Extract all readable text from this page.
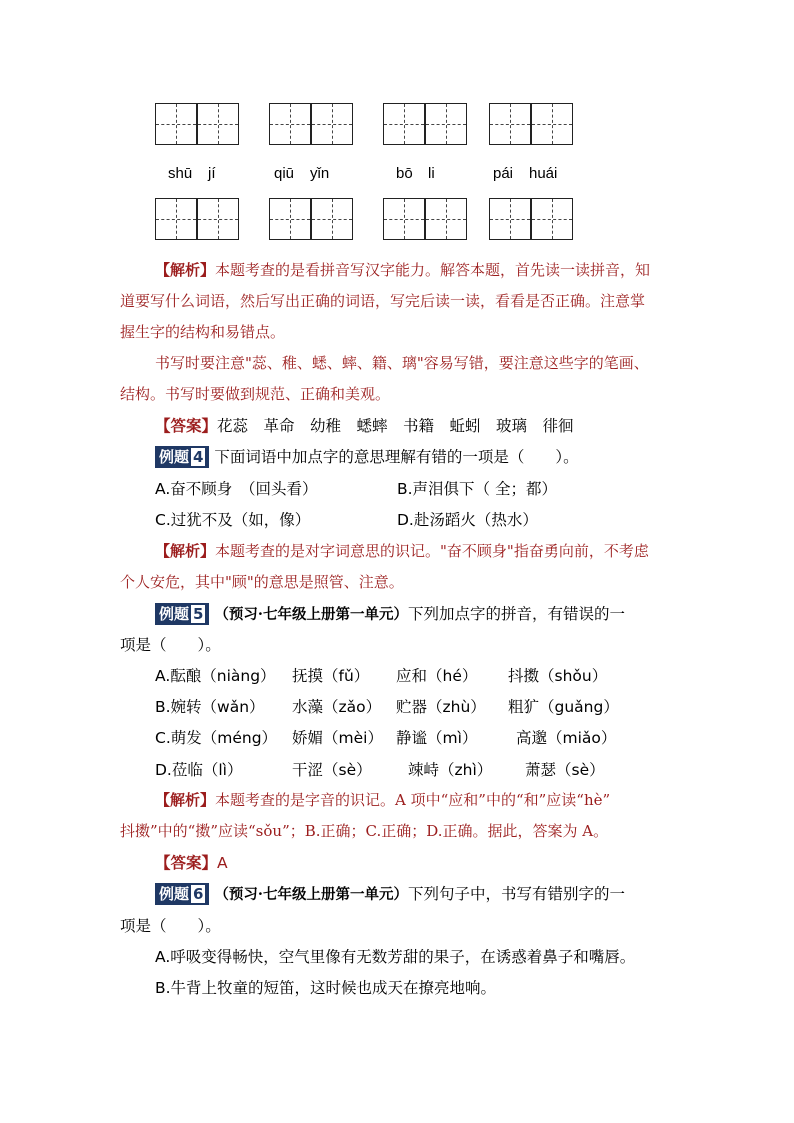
shū jí	qiū yǐn	bō li	pái huái
【解析】本题考查的是看拼音写汉字能力。解答本题，首先读一读拼音，知
道要写什么词语，然后写出正确的词语，写完后读一读，看看是否正确。注意掌
握生字的结构和易错点。
书写时要注意"蕊、稚、蟋、蟀、籍、璃"容易写错，要注意这些字的笔画、
结构。书写时要做到规范、正确和美观。
【答案】花蕊　革命　幼稚　蟋蟀　书籍　蚯蚓　玻璃　徘徊
例题 4 下面词语中加点字的意思理解有错的一项是（　　）。
A.奋不顾身　（回头看）	B.声泪俱下（ 全；都）
C.过犹不及（如，像）	D.赴汤蹈火（热水）
【解析】本题考查的是对字词意思的识记。"奋不顾身"指奋勇向前，不考虑
个人安危，其中"顾"的意思是照管、注意。
例题 5 （预习·七年级上册第一单元）下列加点字的拼音，有错误的一
项是（　　）。
A.酝酿（niàng） 抚摸（fǔ） 应和（hé） 抖擞（shǒu）
B.婉转（wǎn） 水藻（zǎo） 贮器（zhù） 粗犷（guǎng）
C.萌发（méng） 娇媚（mèi） 静谧（mì） 高邈（miǎo）
D.莅临（lì）	干涩（sè） 竦峙（zhì） 萧瑟（sè）
【解析】本题考查的是字音的识记。A 项中“应和”中的“和”应读“hè”
抖擞”中的“擞”应读“sǒu”；B.正确；C.正确；D.正确。据此，答案为 A。
【答案】A
例题 6 （预习·七年级上册第一单元）下列句子中，书写有错别字的一
项是（　　）。
A.呼吸变得畅快，空气里像有无数芳甜的果子，在诱惑着鼻子和嘴唇。
B.牛背上牧童的短笛，这时候也成天在撩亮地响。
